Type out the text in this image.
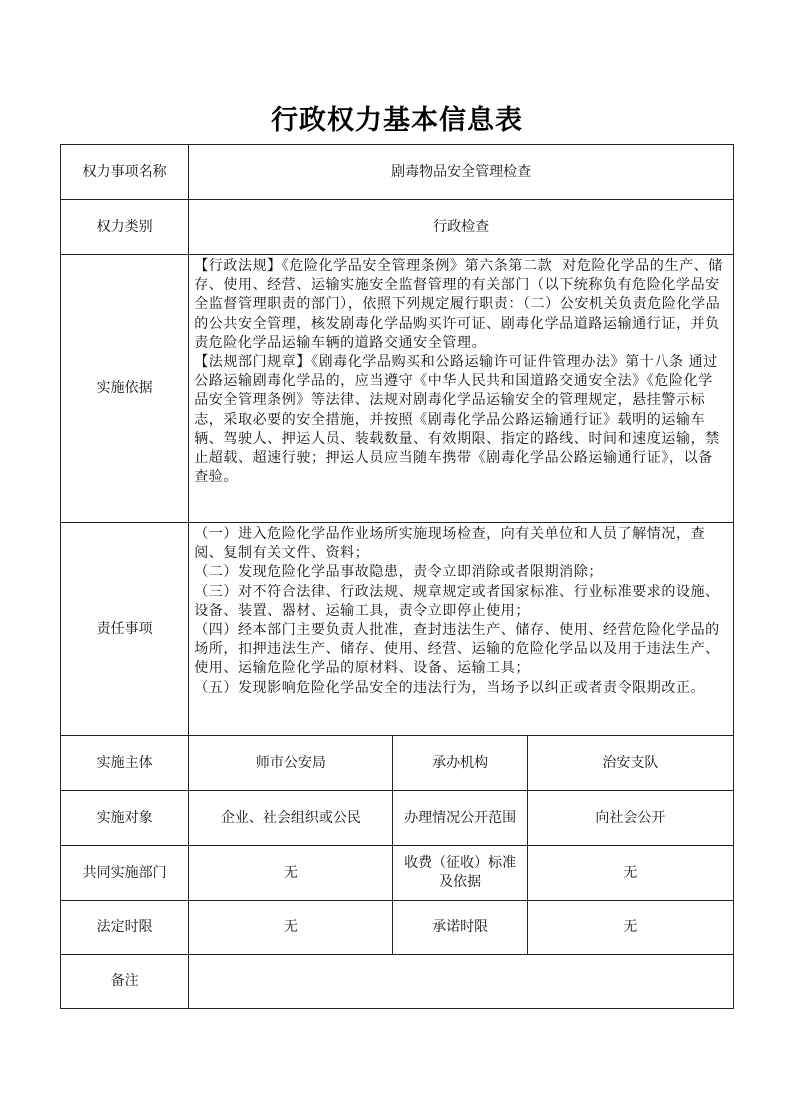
行政权力基本信息表
权力事项名称	剧毒物品安全管理检查		
权力类别	行政检查		
实施依据	【行政法规】《危险化学品安全管理条例》第六条第二款  对危险化学品的生产、储存、使用、经营、运输实施安全监督管理的有关部门（以下统称负有危险化学品安全监督管理职责的部门），依照下列规定履行职责：（二）公安机关负责危险化学品的公共安全管理，核发剧毒化学品购买许可证、剧毒化学品道路运输通行证，并负责危险化学品运输车辆的道路交通安全管理。
【法规部门规章】《剧毒化学品购买和公路运输许可证件管理办法》第十八条 通过公路运输剧毒化学品的，应当遵守《中华人民共和国道路交通安全法》《危险化学品安全管理条例》等法律、法规对剧毒化学品运输安全的管理规定，悬挂警示标志，采取必要的安全措施，并按照《剧毒化学品公路运输通行证》载明的运输车辆、驾驶人、押运人员、装载数量、有效期限、指定的路线、时间和速度运输，禁止超载、超速行驶；押运人员应当随车携带《剧毒化学品公路运输通行证》，以备查验。		

责任事项	（一）进入危险化学品作业场所实施现场检查，向有关单位和人员了解情况，查阅、复制有关文件、资料；
（二）发现危险化学品事故隐患，责令立即消除或者限期消除；
（三）对不符合法律、行政法规、规章规定或者国家标准、行业标准要求的设施、设备、装置、器材、运输工具，责令立即停止使用；
（四）经本部门主要负责人批准，查封违法生产、储存、使用、经营危险化学品的场所，扣押违法生产、储存、使用、经营、运输的危险化学品以及用于违法生产、使用、运输危险化学品的原材料、设备、运输工具；
（五）发现影响危险化学品安全的违法行为，当场予以纠正或者责令限期改正。		

实施主体	师市公安局	承办机构	治安支队
实施对象	企业、社会组织或公民	办理情况公开范围	向社会公开
共同实施部门	无	收费（征收）标准及依据	无
法定时限	无	承诺时限	无
备注			
